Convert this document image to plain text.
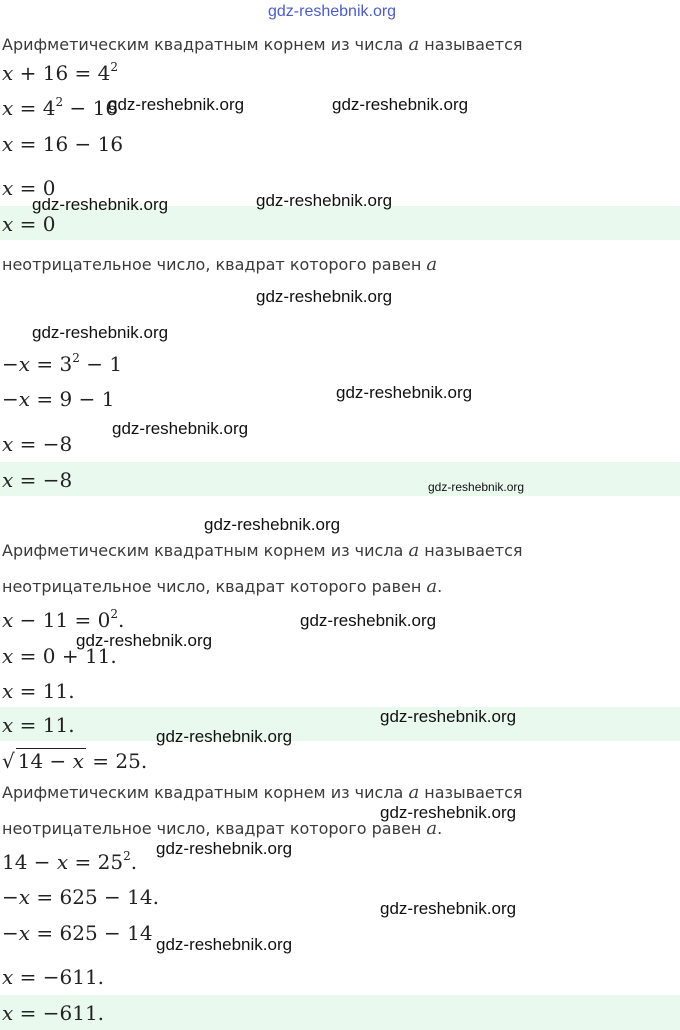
gdz-reshebnik.org
Арифметическим квадратным корнем из числа a называется
$x + 16 = 4^2$
$x = 4^2 - 16$
x = 16 − 16
x = 0
x = 0
неотрицательное число, квадрат которого равен a
$-x = 3^2 - 1$
−x = 9 − 1
x = −8
x = −8
Арифметическим квадратным корнем из числа a называется
неотрицательное число, квадрат которого равен a.
$x - 11 = 0^2$.
x = 0 + 11.
x = 11.
x = 11.
√ 14 − x = 25.
Арифметическим квадратным корнем из числа a называется
неотрицательное число, квадрат которого равен a.
$14 - x = 25^2$.
−x = 625 − 14.
−x = 625 − 14
x = −611.
x = −611.
gdz-reshebnik.org	gdz-reshebnik.org
gdz-reshebnik.org	gdz-reshebnik.org
gdz-reshebnik.org
gdz-reshebnik.org
gdz-reshebnik.org
gdz-reshebnik.org
gdz-reshebnik.org
gdz-reshebnik.org
gdz-reshebnik.org
gdz-reshebnik.org
gdz-reshebnik.org
gdz-reshebnik.org
gdz-reshebnik.org
gdz-reshebnik.org
gdz-reshebnik.org
gdz-reshebnik.org
